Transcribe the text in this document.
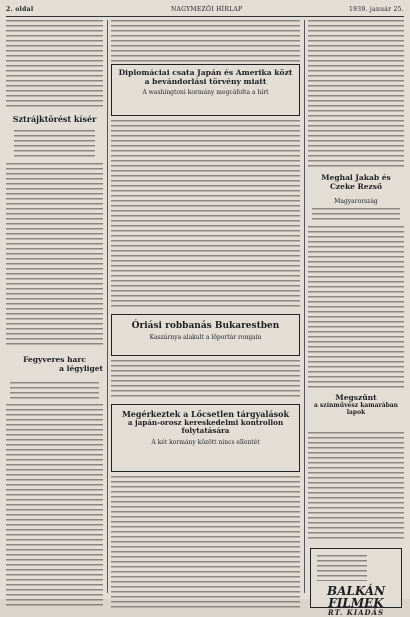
2. oldal	NAGYMEZŐI HÍRLAP	1939. január 25.
Sztrájktörést kísér
Fegyveres harc
a légyliget
Diplomáciai csata Japán és Amerika közt
a bevándorlási törvény miatt
A washingtoni kormány megcáfolta a hírt
Óriási robbanás Bukarestben
Kaszárnya alakult a lőportár romjain
Megérkeztek a Lőcsetlen tárgyalások
a japán-orosz kereskedelmi kontrollon
folytatására
A két kormány között nincs ellentét
Meghal Jakab és
Czeke Rezső
Magyarország
Megszűnt
a színművész kamarában
lapok
BALKÁN FILMEK
RT. KIADÁS
